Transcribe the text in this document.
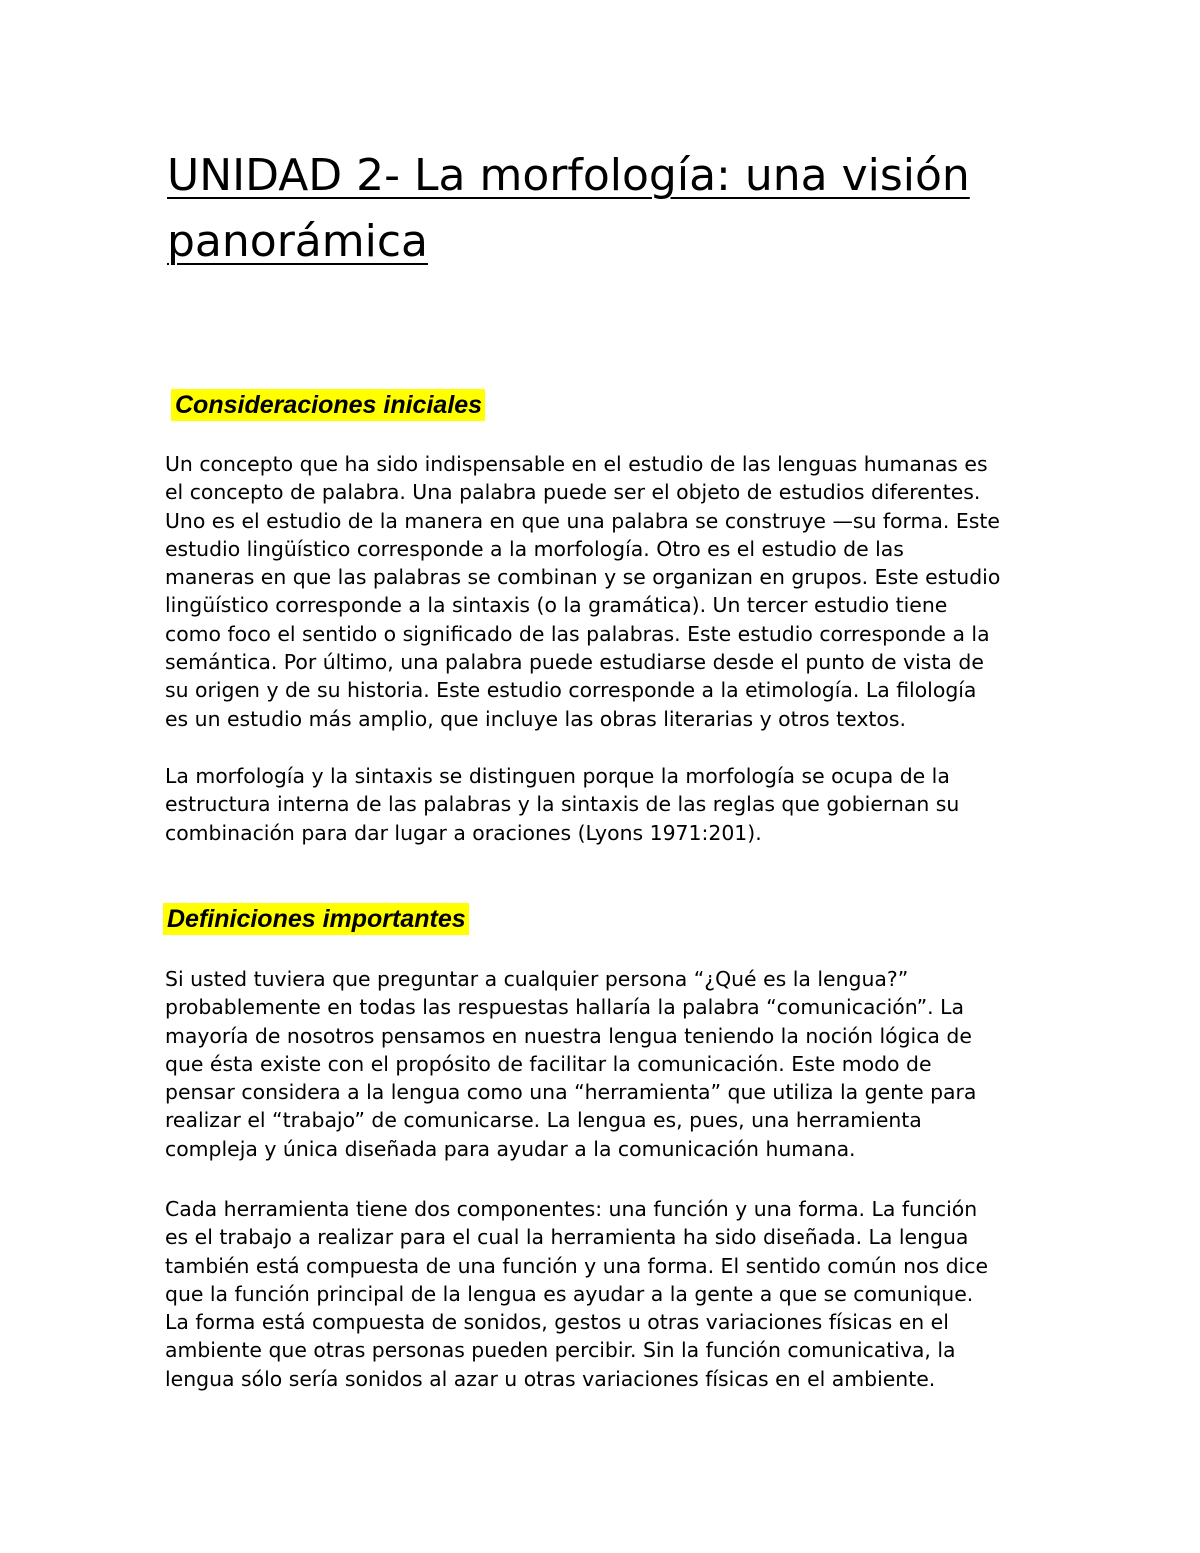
UNIDAD 2- La morfología: una visión
panorámica
Consideraciones iniciales

Un concepto que ha sido indispensable en el estudio de las lenguas humanas es
el concepto de palabra. Una palabra puede ser el objeto de estudios diferentes.
Uno es el estudio de la manera en que una palabra se construye —su forma. Este
estudio lingüístico corresponde a la morfología. Otro es el estudio de las
maneras en que las palabras se combinan y se organizan en grupos. Este estudio
lingüístico corresponde a la sintaxis (o la gramática). Un tercer estudio tiene
como foco el sentido o significado de las palabras. Este estudio corresponde a la
semántica. Por último, una palabra puede estudiarse desde el punto de vista de
su origen y de su historia. Este estudio corresponde a la etimología. La filología
es un estudio más amplio, que incluye las obras literarias y otros textos.

La morfología y la sintaxis se distinguen porque la morfología se ocupa de la
estructura interna de las palabras y la sintaxis de las reglas que gobiernan su
combinación para dar lugar a oraciones (Lyons 1971:201).

Definiciones importantes

Si usted tuviera que preguntar a cualquier persona “¿Qué es la lengua?”
probablemente en todas las respuestas hallaría la palabra “comunicación”. La
mayoría de nosotros pensamos en nuestra lengua teniendo la noción lógica de
que ésta existe con el propósito de facilitar la comunicación. Este modo de
pensar considera a la lengua como una “herramienta” que utiliza la gente para
realizar el “trabajo” de comunicarse. La lengua es, pues, una herramienta
compleja y única diseñada para ayudar a la comunicación humana.

Cada herramienta tiene dos componentes: una función y una forma. La función
es el trabajo a realizar para el cual la herramienta ha sido diseñada. La lengua
también está compuesta de una función y una forma. El sentido común nos dice
que la función principal de la lengua es ayudar a la gente a que se comunique.
La forma está compuesta de sonidos, gestos u otras variaciones físicas en el
ambiente que otras personas pueden percibir. Sin la función comunicativa, la
lengua sólo sería sonidos al azar u otras variaciones físicas en el ambiente.
